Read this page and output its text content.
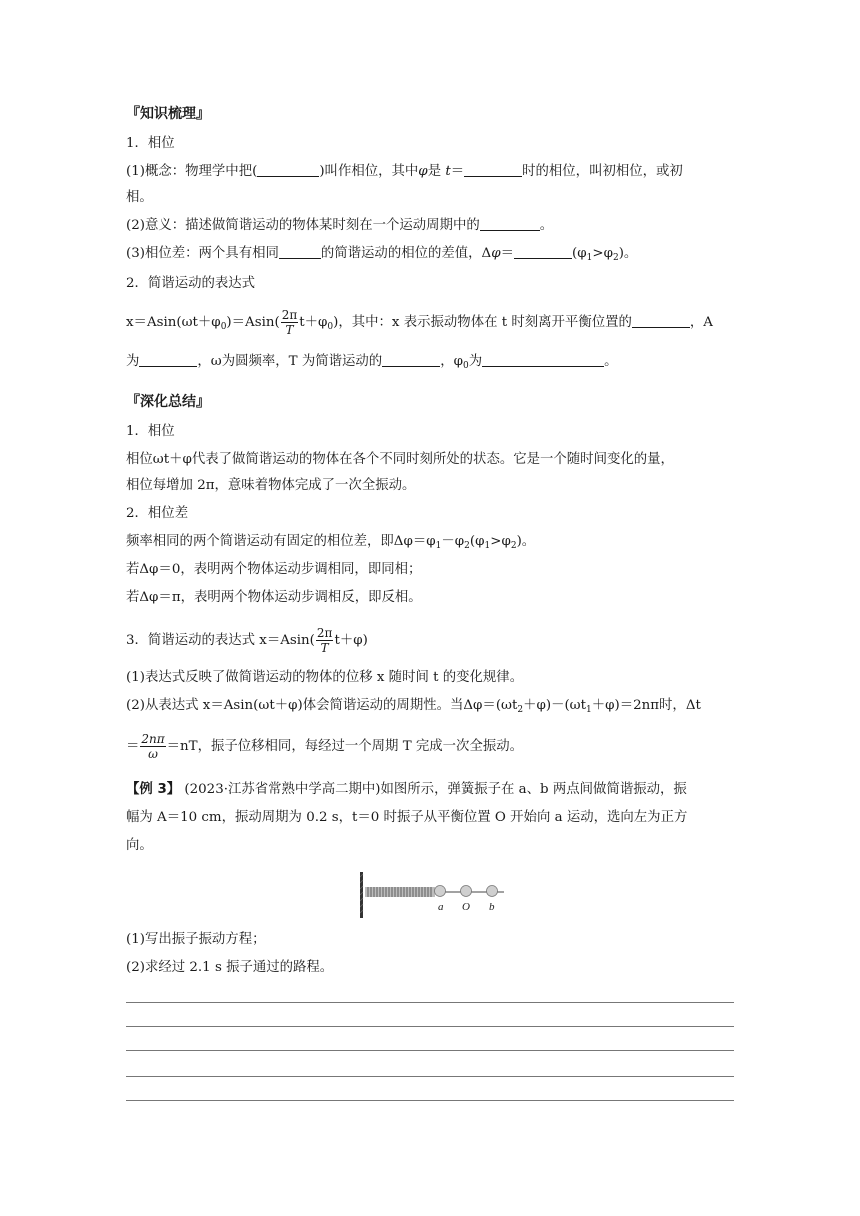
『知识梳理』
1．相位
(1)概念：物理学中把(	)叫作相位，其中φ是 t＝	时的相位，叫初相位，或初
相。
(2)意义：描述做简谐运动的物体某时刻在一个运动周期中的	。
(3)相位差：两个具有相同	的简谐运动的相位的差值，Δφ＝	$(\varphi_1>\varphi_2)$。
2．简谐运动的表达式
$x=Asin(\omega t+\varphi_0)=Asin( \frac{2\pi}{T} t+\varphi_0)$，其中：x 表示振动物体在 t 时刻离开平衡位置的	，A
为	，ω为圆频率，T 为简谐运动的	，$\varphi_0$为	。
『深化总结』
1．相位
相位ωt＋φ代表了做简谐运动的物体在各个不同时刻所处的状态。它是一个随时间变化的量，
相位每增加 2π，意味着物体完成了一次全振动。
2．相位差
频率相同的两个简谐运动有固定的相位差，即$\Delta\varphi=\varphi_1-\varphi_2(\varphi_1>\varphi_2)$。
若Δφ＝0，表明两个物体运动步调相同，即同相；
若Δφ＝π，表明两个物体运动步调相反，即反相。
3．简谐运动的表达式 $x=Asin( \frac{2\pi}{T} t+\varphi)$
(1)表达式反映了做简谐运动的物体的位移 x 随时间 t 的变化规律。
(2)从表达式 x＝Asin(ωt＋φ)体会简谐运动的周期性。当$\Delta\varphi=(\omega t_2+\varphi)-(\omega t_1+\varphi)=2n\pi$时，Δt
＝ $\frac{2n\pi}{\omega} =nT$，振子位移相同，每经过一个周期 T 完成一次全振动。
【例 3】 (2023·江苏省常熟中学高二期中)如图所示，弹簧振子在 a、b 两点间做简谐振动，振
幅为 A＝10 cm，振动周期为 0.2 s，t＝0 时振子从平衡位置 O 开始向 a 运动，选向左为正方
向。
a O b
(1)写出振子振动方程；
(2)求经过 2.1 s 振子通过的路程。
